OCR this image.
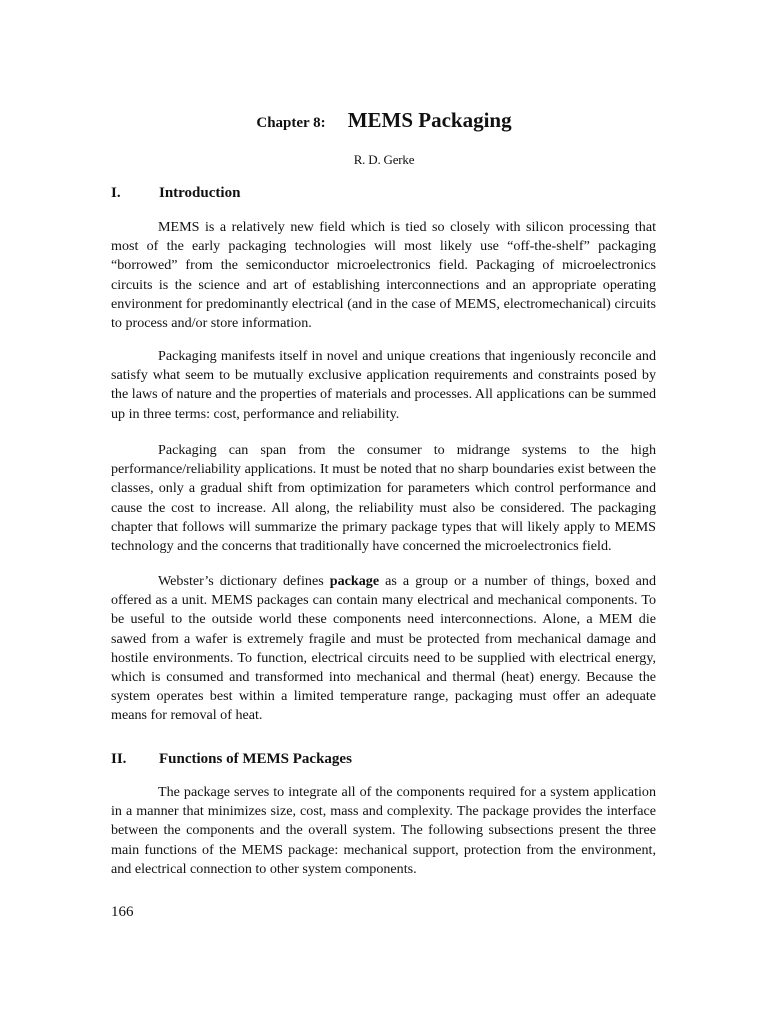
Chapter 8: MEMS Packaging
R. D. Gerke
I.	Introduction

MEMS is a relatively new field which is tied so closely with silicon processing that most of the early packaging technologies will most likely use “off-the-shelf” packaging “borrowed” from the semiconductor microelectronics field. Packaging of microelectronics circuits is the science and art of establishing interconnections and an appropriate operating environment for predominantly electrical (and in the case of MEMS, electromechanical) circuits to process and/or store information.

Packaging manifests itself in novel and unique creations that ingeniously reconcile and satisfy what seem to be mutually exclusive application requirements and constraints posed by the laws of nature and the properties of materials and processes. All applications can be summed up in three terms: cost, performance and reliability.

Packaging can span from the consumer to midrange systems to the high performance/reliability applications. It must be noted that no sharp boundaries exist between the classes, only a gradual shift from optimization for parameters which control performance and cause the cost to increase. All along, the reliability must also be considered. The packaging chapter that follows will summarize the primary package types that will likely apply to MEMS technology and the concerns that traditionally have concerned the microelectronics field.

Webster’s dictionary defines package as a group or a number of things, boxed and offered as a unit. MEMS packages can contain many electrical and mechanical components. To be useful to the outside world these components need interconnections. Alone, a MEM die sawed from a wafer is extremely fragile and must be protected from mechanical damage and hostile environments. To function, electrical circuits need to be supplied with electrical energy, which is consumed and transformed into mechanical and thermal (heat) energy. Because the system operates best within a limited temperature range, packaging must offer an adequate means for removal of heat.

II. Functions of MEMS Packages

The package serves to integrate all of the components required for a system application in a manner that minimizes size, cost, mass and complexity. The package provides the interface between the components and the overall system. The following subsections present the three main functions of the MEMS package: mechanical support, protection from the environment, and electrical connection to other system components.

166
